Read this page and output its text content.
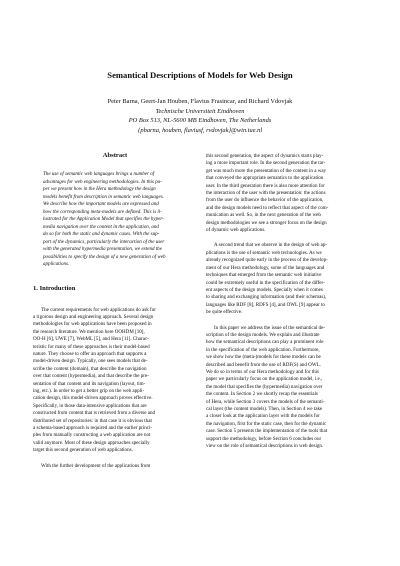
Semantical Descriptions of Models for Web Design
Peter Barna, Geert-Jan Houben, Flavius Frasincar, and Richard Vdovjak
Technische Universiteit Eindhoven
PO Box 513, NL-5600 MB Eindhoven, The Netherlands
{pbarna, houben, flaviusf, rvdovjak}@win.tue.nl
Abstract
The use of semantic web languages brings a number of
advantages for web engineering methodologies. In this pa-
per we present how in the Hera methodology the design
models benefit from description in semantic web languages.
We describe how the important models are expressed and
how the corresponding meta-models are defined. This is il-
lustrated for the Application Model that specifies the hyper-
media navigation over the content in the application, and
do so for both the static and dynamic cases. With the sup-
port of the dynamics, particularly the interaction of the user
with the generated hypermedia presentation, we extend the
possibilities to specify the design of a new generation of web
applications.
1. Introduction

The current requirements for web applications do ask for
a rigorous design and engineering approach. Several design
methodologies for web applications have been proposed in
the research literature. We mention here OOHDM [10],
OO-H [6], UWE [7], WebML [5], and Hera [11]. Charac-
teristic for many of these approaches is their model-based
nature. They choose to offer an approach that supports a
model-driven design. Typically, one sees models that de-
scribe the content (domain), that describe the navigation
over that content (hypermedia), and that describe the pre-
sentation of that content and its navigation (layout, tim-
ing, etc.). In order to get a better grip on the web appli-
cation design, this model-driven approach proves effective.
Specifically, in those data-intensive applications that are
constructed from content that is retrieved from a diverse and
distributed set of repositories: in that case it is obvious that
a schema-based approach is required and the earlier princi-
ples from manually constructing a web application are not
valid anymore. Most of these design approaches specially
target this second generation of web applications.

With the further development of the applications from

this second generation, the aspect of dynamics starts play-
ing a more important role. In the second generation the tar-
get was much more the presentation of the content in a way
that conveyed the appropriate semantics to the application
user. In the third generation there is also more attention for
the interaction of the user with the presentation: the actions
from the user do influence the behavior of the application,
and the design models need to reflect that aspect of the com-
munication as well. So, in the next generation of the web
design methodologies we see a stronger focus on the design
of dynamic web applications.

A second trend that we observe in the design of web ap-
plications is the use of semantic web technologies. As we
already recognized quite early in the process of the develop-
ment of our Hera methodology, some of the languages and
techniques that emerged from the semantic web initiative
could be extremely useful in the specification of the differ-
ent aspects of the design models. Specially when it comes
to sharing and exchanging information (and their schemas),
languages like RDF [8], RDFS [4], and OWL [9] appear to
be quite effective.

In this paper we address the issue of the semantical de-
scription of the design models. We explain and illustrate
how the semantical descriptions can play a prominent role
in the specification of the web application. Furthermore,
we show how the (meta-)models for these models can be
described and benefit from the use of RDF(S) and OWL.
We do so in terms of our Hera methodology and for this
paper we particularly focus on the application model, i.e.,
the model that specifies the (hypermedia) navigation over
the content. In Section 2 we shortly recap the essentials
of Hera, while Section 3 covers the models of the semanti-
cal layer (the content models). Then, in Section 4 we take
a closer look at the application layer with the models for
the navigation, first for the static case, then for the dynamic
case. Section 5 presents the implementation of the tools that
support the methodology, before Section 6 concludes our
view on the role of semantical descriptions in web design.
